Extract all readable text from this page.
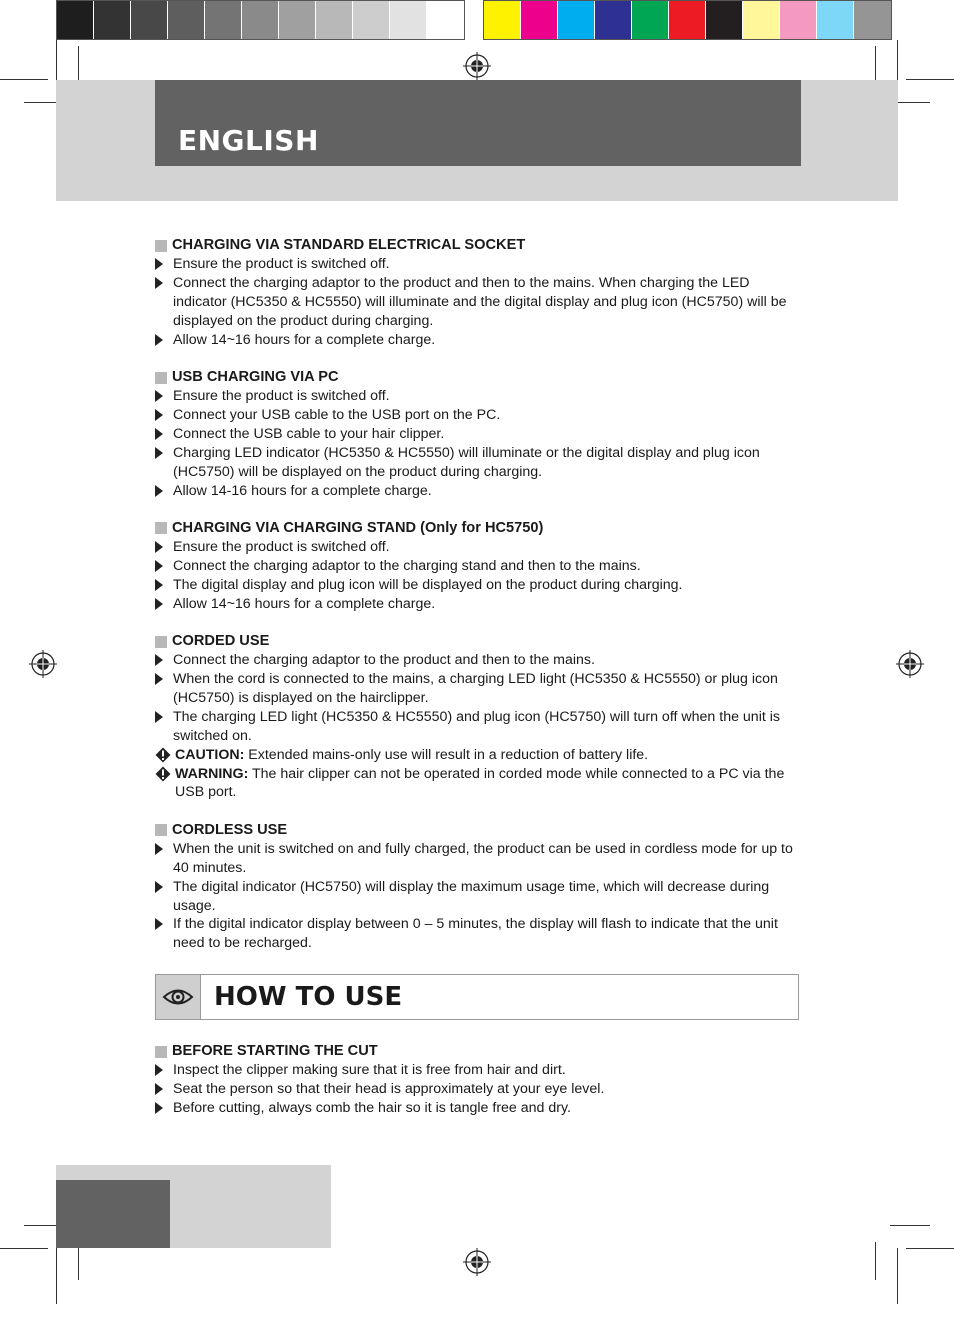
ENGLISH
CHARGING VIA STANDARD ELECTRICAL SOCKET
Ensure the product is switched off.
Connect the charging adaptor to the product and then to the mains. When charging the LED indicator (HC5350 & HC5550) will illuminate and the digital display and plug icon (HC5750) will be displayed on the product during charging.
Allow 14~16 hours for a complete charge.
USB CHARGING VIA PC
Ensure the product is switched off.
Connect your USB cable to the USB port on the PC.
Connect the USB cable to your hair clipper.
Charging LED indicator (HC5350 & HC5550) will illuminate or the digital display and plug icon (HC5750) will be displayed on the product during charging.
Allow 14-16 hours for a complete charge.
CHARGING VIA CHARGING STAND (Only for HC5750)
Ensure the product is switched off.
Connect the charging adaptor to the charging stand and then to the mains.
The digital display and plug icon will be displayed on the product during charging.
Allow 14~16 hours for a complete charge.
CORDED USE
Connect the charging adaptor to the product and then to the mains.
When the cord is connected to the mains, a charging LED light (HC5350 & HC5550) or plug icon (HC5750) is displayed on the hairclipper.
The charging LED light (HC5350 & HC5550) and plug icon (HC5750) will turn off when the unit is switched on.
CAUTION: Extended mains-only use will result in a reduction of battery life.
WARNING: The hair clipper can not be operated in corded mode while connected to a PC via the USB port.
CORDLESS USE
When the unit is switched on and fully charged, the product can be used in cordless mode for up to 40 minutes.
The digital indicator (HC5750) will display the maximum usage time, which will decrease during usage.
If the digital indicator display between 0 – 5 minutes, the display will flash to indicate that the unit need to be recharged.
HOW TO USE
BEFORE STARTING THE CUT
Inspect the clipper making sure that it is free from hair and dirt.
Seat the person so that their head is approximately at your eye level.
Before cutting, always comb the hair so it is tangle free and dry.
